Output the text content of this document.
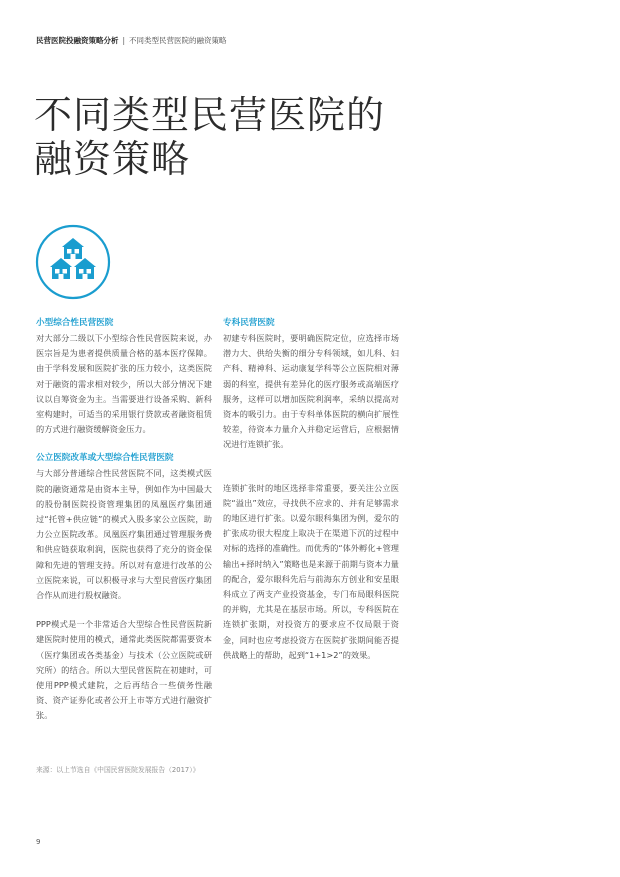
民营医院投融资策略分析 | 不同类型民营医院的融资策略
不同类型民营医院的
融资策略
小型综合性民营医院

对大部分二级以下小型综合性民营医院来说，办医宗旨是为患者提供质量合格的基本医疗保障。由于学科发展和医院扩张的压力较小，这类医院对于融资的需求相对较少，所以大部分情况下建议以自筹资金为主。当需要进行设备采购、新科室构建时，可适当的采用银行贷款或者融资租赁的方式进行融资缓解资金压力。

公立医院改革或大型综合性民营医院

与大部分普通综合性民营医院不同，这类模式医院的融资通常是由资本主导，例如作为中国最大的股份制医院投资管理集团的凤凰医疗集团通过“托管+供应链”的模式入股多家公立医院，助力公立医院改革。凤凰医疗集团通过管理服务费和供应链获取利润，医院也获得了充分的资金保障和先进的管理支持。所以对有意进行改革的公立医院来说，可以积极寻求与大型民营医疗集团合作从而进行股权融资。

PPP模式是一个非常适合大型综合性民营医院新建医院时使用的模式，通常此类医院都需要资本（医疗集团或各类基金）与技术（公立医院或研究所）的结合。所以大型民营医院在初建时，可使用PPP模式建院，之后再结合一些债务性融资、资产证券化或者公开上市等方式进行融资扩张。

专科民营医院

初建专科医院时，要明确医院定位，应选择市场潜力大、供给失衡的细分专科领域，如儿科、妇产科、精神科、运动康复学科等公立医院相对薄弱的科室，提供有差异化的医疗服务或高端医疗服务，这样可以增加医院利润率，采纳以提高对资本的吸引力。由于专科单体医院的横向扩展性较差，待资本力量介入并稳定运营后，应根据情况进行连锁扩张。

连锁扩张时的地区选择非常重要，要关注公立医院“溢出”效应，寻找供不应求的、并有足够需求的地区进行扩张。以爱尔眼科集团为例，爱尔的扩张成功很大程度上取决于在渠道下沉的过程中对标的选择的准确性。而优秀的“体外孵化+管理输出+择时纳入”策略也是来源于前期与资本力量的配合，爱尔眼科先后与前海东方创业和安星眼科成立了两支产业投资基金，专门布局眼科医院的并购，尤其是在基层市场。所以，专科医院在连锁扩张期，对投资方的要求应不仅局限于资金，同时也应考虑投资方在医院扩张期间能否提供战略上的帮助，起到“1+1>2”的效果。

来源：以上节选自《中国民营医院发展报告（2017）》
9
